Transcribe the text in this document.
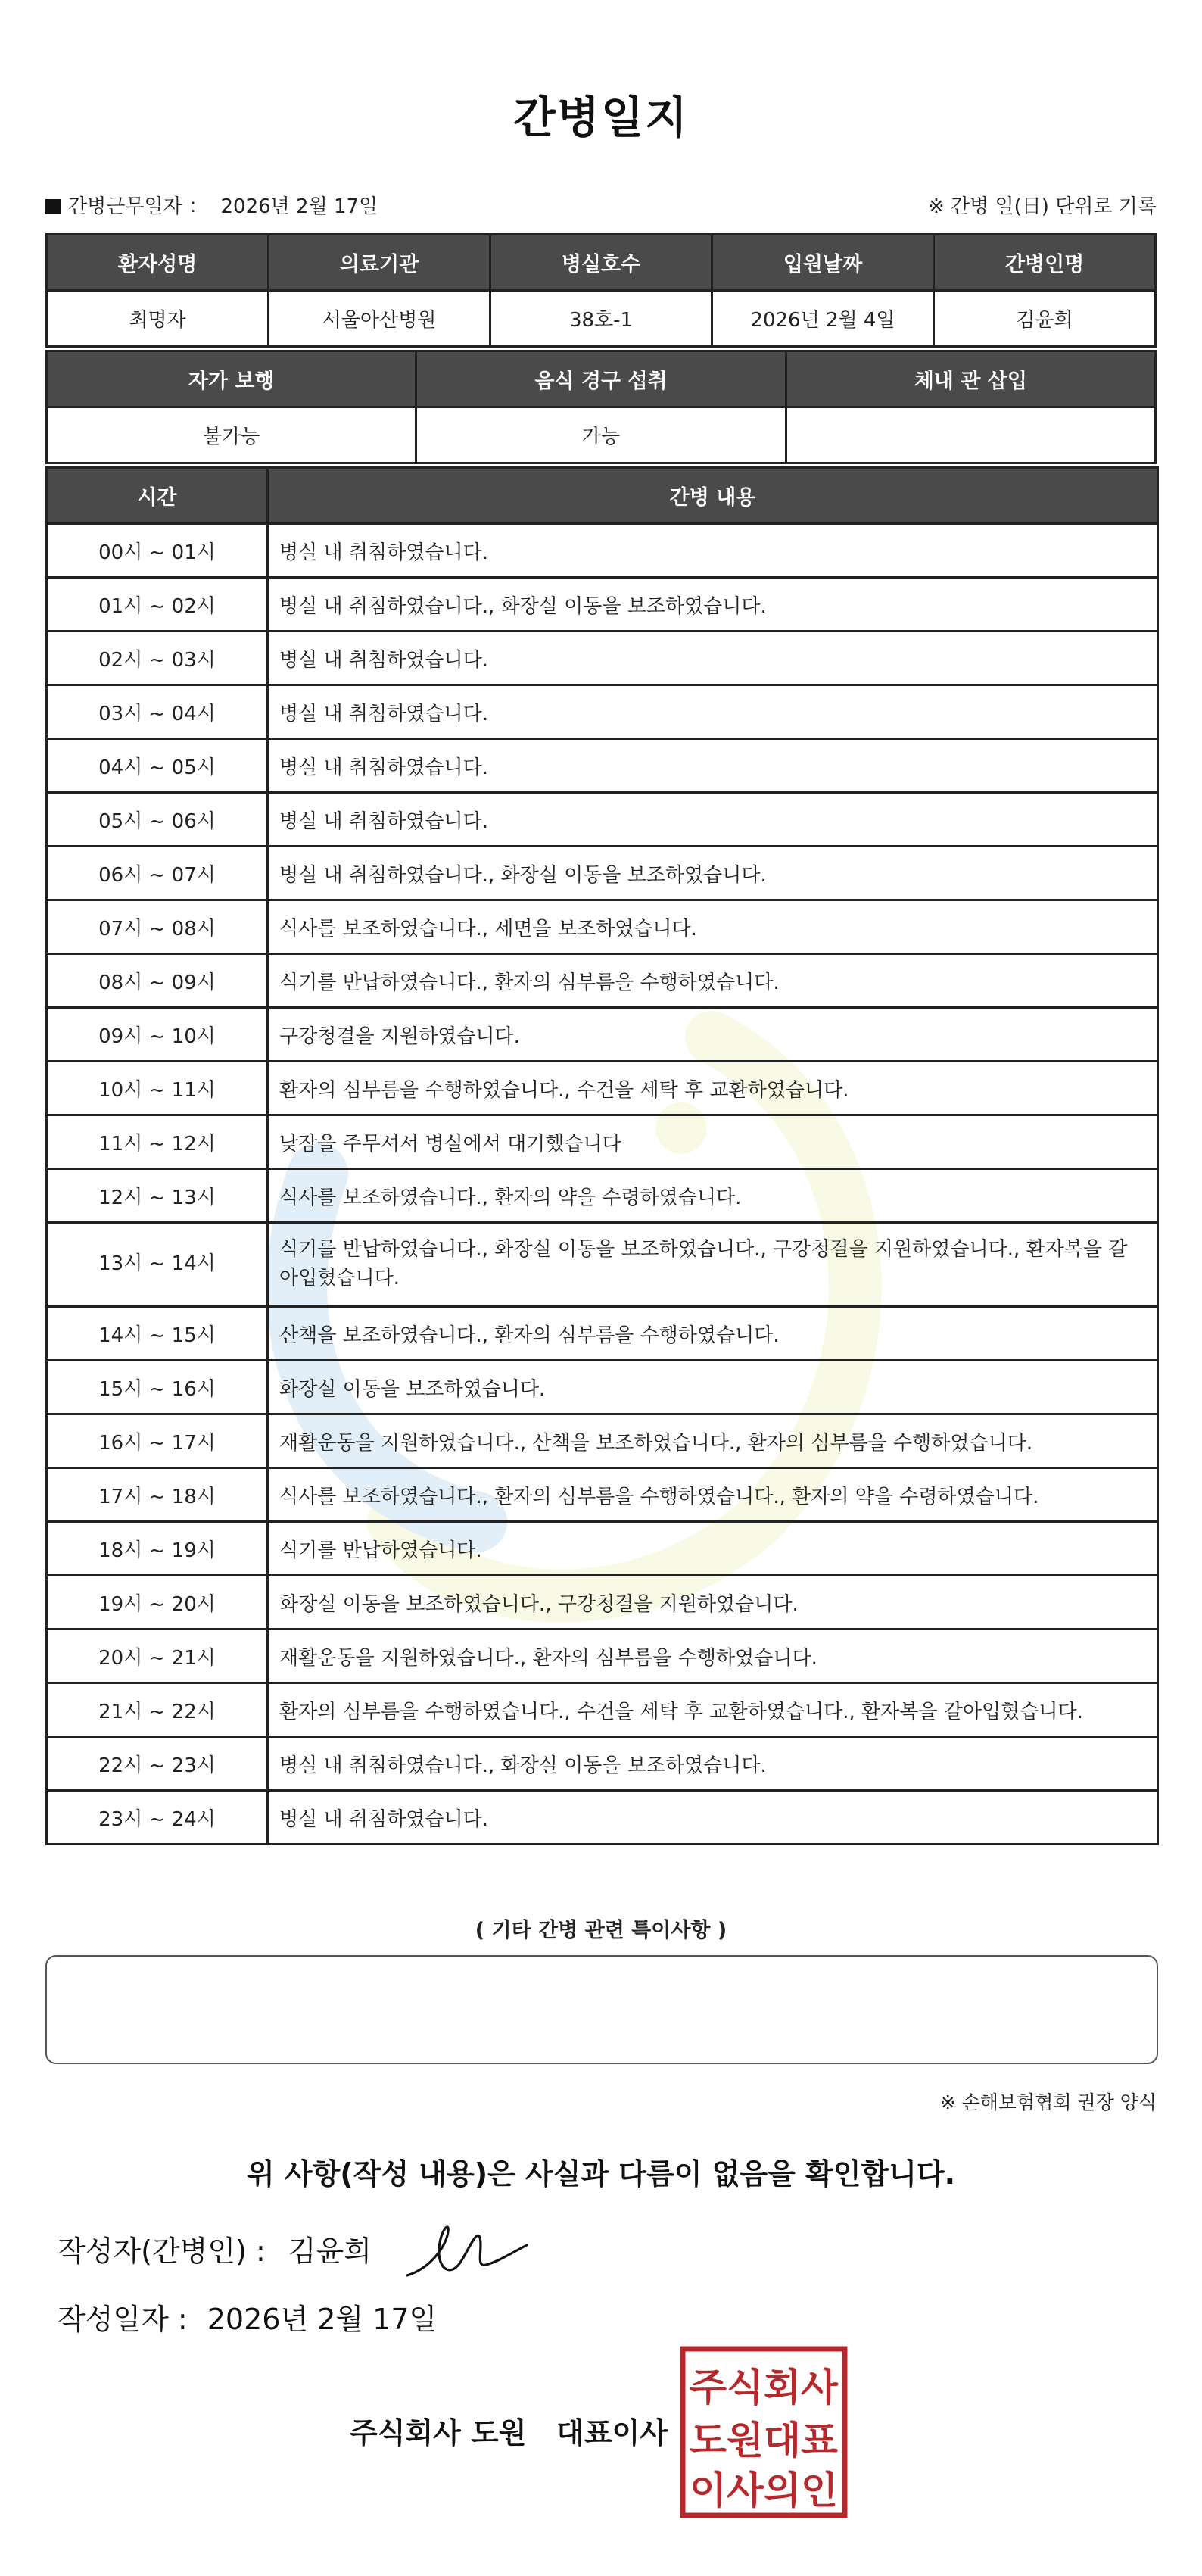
간병일지
간병근무일자 ： 2026년 2월 17일	※ 간병 일(日) 단위로 기록
환자성명	의료기관	병실호수	입원날짜	간병인명
최명자	서울아산병원	38호-1	2026년 2월 4일	김윤희
자가 보행	음식 경구 섭취	체내 관 삽입
불가능	가능	
시간	간병 내용
00시 ~ 01시	병실 내 취침하였습니다.
01시 ~ 02시	병실 내 취침하였습니다., 화장실 이동을 보조하였습니다.
02시 ~ 03시	병실 내 취침하였습니다.
03시 ~ 04시	병실 내 취침하였습니다.
04시 ~ 05시	병실 내 취침하였습니다.
05시 ~ 06시	병실 내 취침하였습니다.
06시 ~ 07시	병실 내 취침하였습니다., 화장실 이동을 보조하였습니다.
07시 ~ 08시	식사를 보조하였습니다., 세면을 보조하였습니다.
08시 ~ 09시	식기를 반납하였습니다., 환자의 심부름을 수행하였습니다.
09시 ~ 10시	구강청결을 지원하였습니다.
10시 ~ 11시	환자의 심부름을 수행하였습니다., 수건을 세탁 후 교환하였습니다.
11시 ~ 12시	낮잠을 주무셔서 병실에서 대기했습니다
12시 ~ 13시	식사를 보조하였습니다., 환자의 약을 수령하였습니다.
13시 ~ 14시	식기를 반납하였습니다., 화장실 이동을 보조하였습니다., 구강청결을 지원하였습니다., 환자복을 갈아입혔습니다.
14시 ~ 15시	산책을 보조하였습니다., 환자의 심부름을 수행하였습니다.
15시 ~ 16시	화장실 이동을 보조하였습니다.
16시 ~ 17시	재활운동을 지원하였습니다., 산책을 보조하였습니다., 환자의 심부름을 수행하였습니다.
17시 ~ 18시	식사를 보조하였습니다., 환자의 심부름을 수행하였습니다., 환자의 약을 수령하였습니다.
18시 ~ 19시	식기를 반납하였습니다.
19시 ~ 20시	화장실 이동을 보조하였습니다., 구강청결을 지원하였습니다.
20시 ~ 21시	재활운동을 지원하였습니다., 환자의 심부름을 수행하였습니다.
21시 ~ 22시	환자의 심부름을 수행하였습니다., 수건을 세탁 후 교환하였습니다., 환자복을 갈아입혔습니다.
22시 ~ 23시	병실 내 취침하였습니다., 화장실 이동을 보조하였습니다.
23시 ~ 24시	병실 내 취침하였습니다.
( 기타 간병 관련 특이사항 )
※ 손해보험협회 권장 양식
위 사항(작성 내용)은 사실과 다름이 없음을 확인합니다.
작성자(간병인) : 김윤희
작성일자 : 2026년 2월 17일
주식회사 도원   대표이사
주식회사
도원대표
이사의인
